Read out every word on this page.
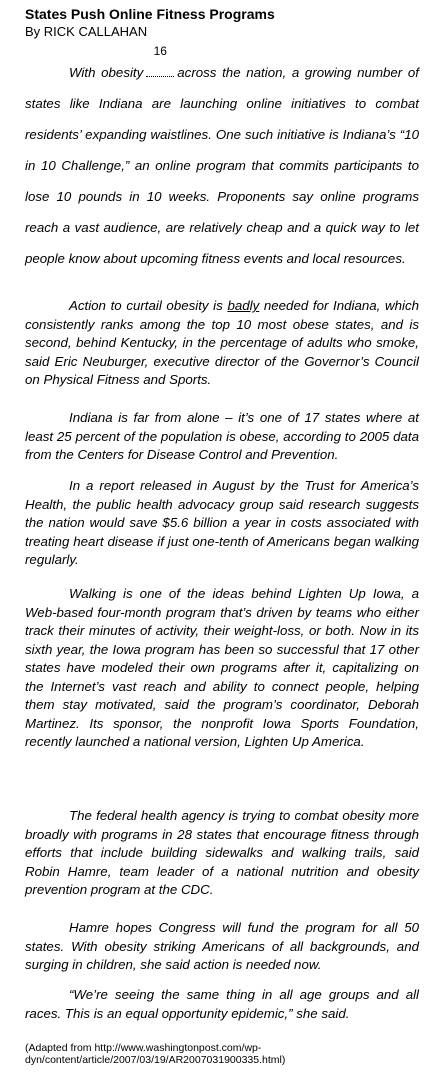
States Push Online Fitness Programs

By RICK CALLAHAN

With obesity
16
across the nation, a growing number of states like Indiana are launching online initiatives to combat residents’ expanding waistlines. One such initiative is Indiana’s “10 in 10 Challenge,” an online program that commits participants to lose 10 pounds in 10 weeks. Proponents say online programs reach a vast audience, are relatively cheap and a quick way to let people know about upcoming fitness events and local resources.

Action to curtail obesity is badly needed for Indiana, which consistently ranks among the top 10 most obese states, and is second, behind Kentucky, in the percentage of adults who smoke, said Eric Neuburger, executive director of the Governor’s Council on Physical Fitness and Sports.

Indiana is far from alone – it’s one of 17 states where at least 25 percent of the population is obese, according to 2005 data from the Centers for Disease Control and Prevention.

In a report released in August by the Trust for America’s Health, the public health advocacy group said research suggests the nation would save $5.6 billion a year in costs associated with treating heart disease if just one-tenth of Americans began walking regularly.

Walking is one of the ideas behind Lighten Up Iowa, a Web-based four-month program that’s driven by teams who either track their minutes of activity, their weight-loss, or both. Now in its sixth year, the Iowa program has been so successful that 17 other states have modeled their own programs after it, capitalizing on the Internet’s vast reach and ability to connect people, helping them stay motivated, said the program’s coordinator, Deborah Martinez. Its sponsor, the nonprofit Iowa Sports Foundation, recently launched a national version, Lighten Up America.

The federal health agency is trying to combat obesity more broadly with programs in 28 states that encourage fitness through efforts that include building sidewalks and walking trails, said Robin Hamre, team leader of a national nutrition and obesity prevention program at the CDC.

Hamre hopes Congress will fund the program for all 50 states. With obesity striking Americans of all backgrounds, and surging in children, she said action is needed now.

“We’re seeing the same thing in all age groups and all races. This is an equal opportunity epidemic,” she said.

(Adapted from http://www.washingtonpost.com/wp-dyn/content/article/2007/03/19/AR2007031900335.html)
